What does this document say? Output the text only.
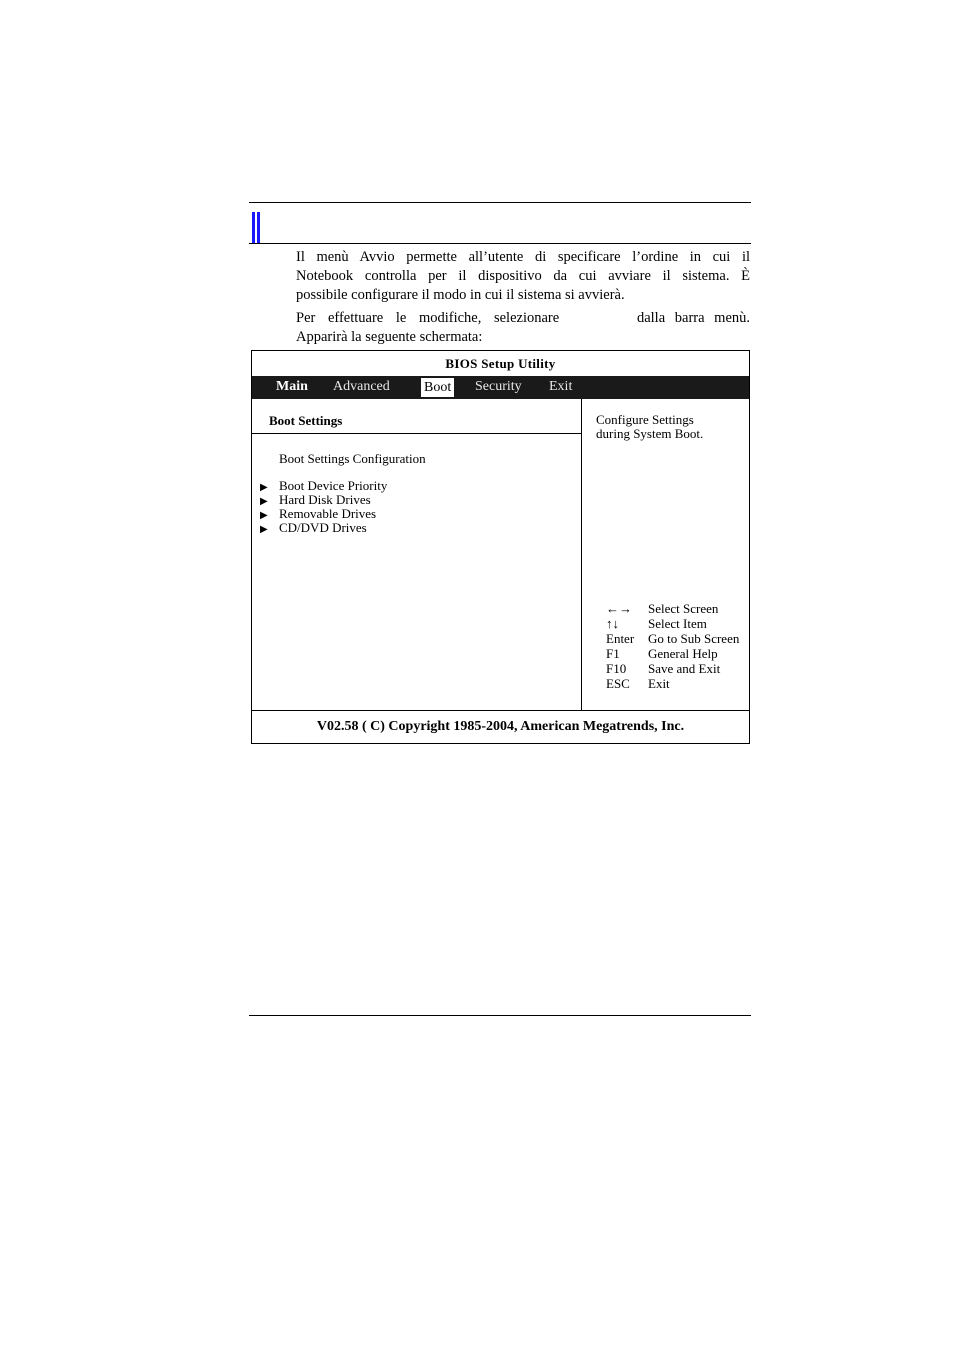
Il menù Avvio permette all’utente di specificare l’ordine in cui il
Notebook controlla per il dispositivo da cui avviare il sistema. È
possibile configurare il modo in cui il sistema si avvierà.
Per effettuare le modifiche, selezionare	dalla barra menù.
Apparirà la seguente schermata:
BIOS Setup Utility
Main Advanced Boot Security Exit
Boot Settings
Boot Settings Configuration
▶ Boot Device Priority
▶ Hard Disk Drives
▶ Removable Drives
▶ CD/DVD Drives
Configure Settings
during System Boot.
←→ Select Screen
↑↓ Select Item
Enter Go to Sub Screen
F1 General Help
F10 Save and Exit
ESC Exit
V02.58 ( C) Copyright 1985-2004, American Megatrends, Inc.
